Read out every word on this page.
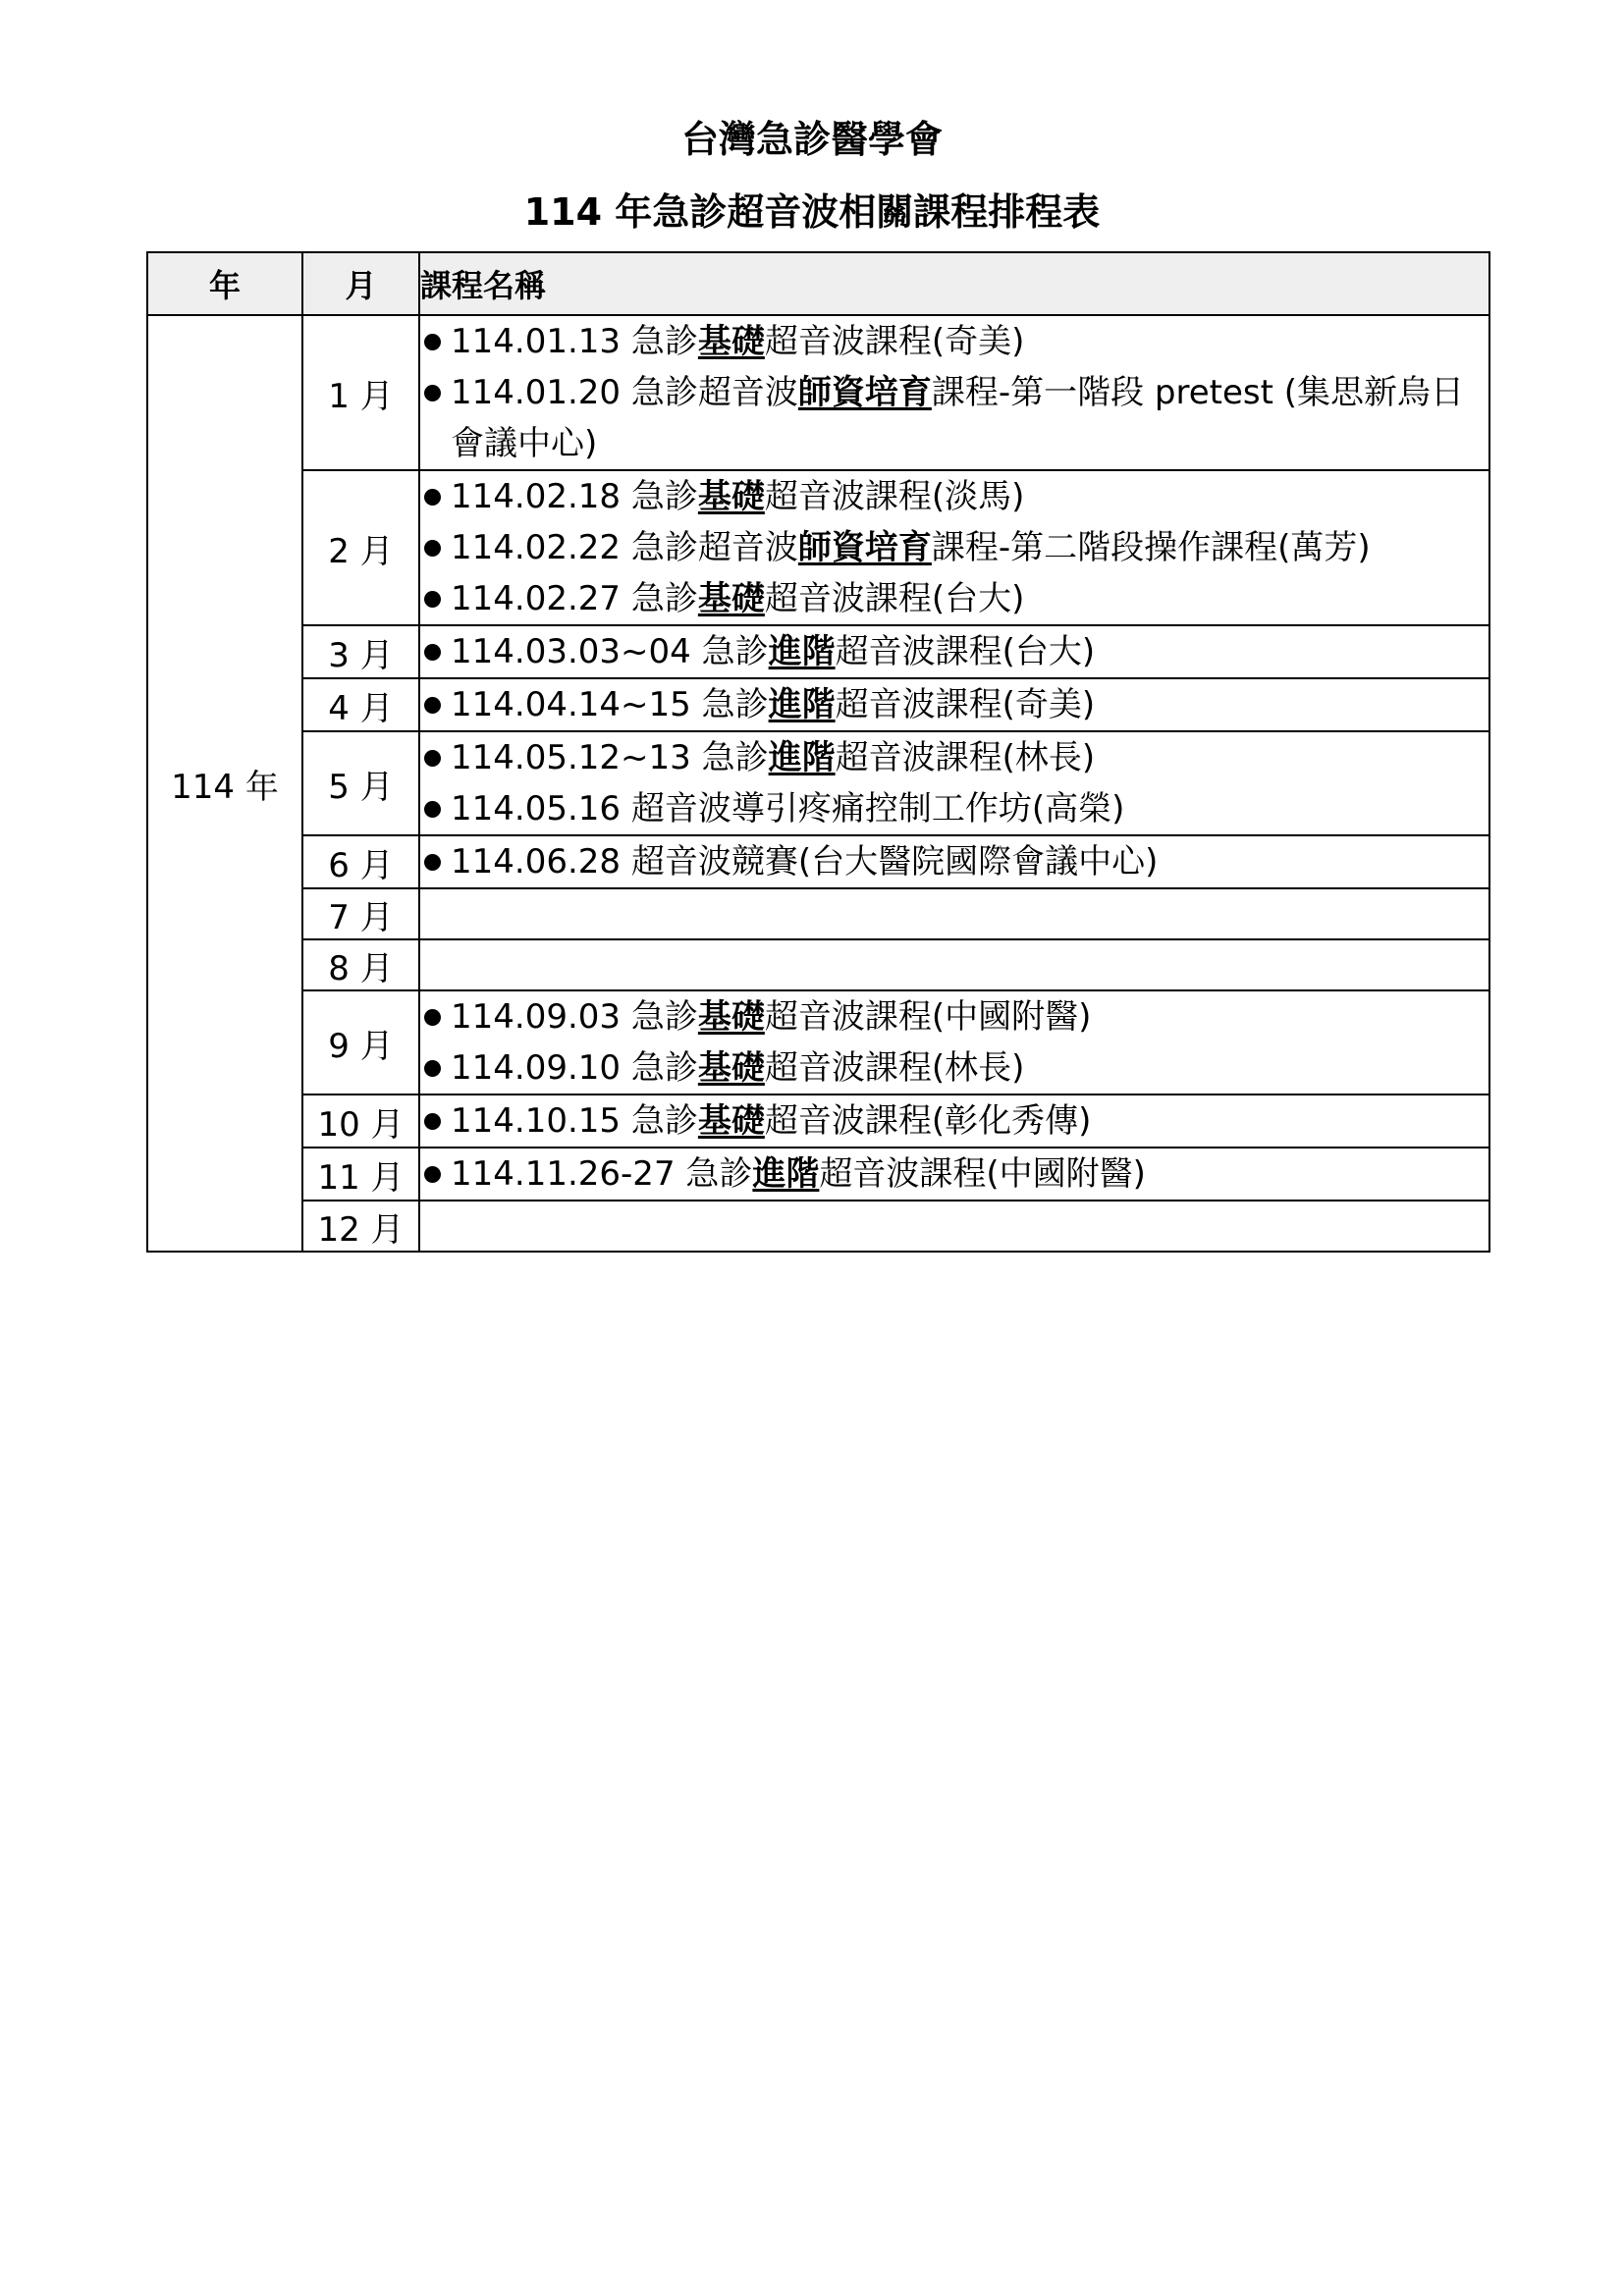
台灣急診醫學會
114 年急診超音波相關課程排程表
年	月	課程名稱
114 年	1 月	114.01.13 急診基礎超音波課程(奇美)
114.01.20 急診超音波師資培育課程-第一階段 pretest (集思新烏日會議中心)

	2 月	114.02.18 急診基礎超音波課程(淡馬)
114.02.22 急診超音波師資培育課程-第二階段操作課程(萬芳)
114.02.27 急診基礎超音波課程(台大)

	3 月	114.03.03~04 急診進階超音波課程(台大)

	4 月	114.04.14~15 急診進階超音波課程(奇美)

	5 月	114.05.12~13 急診進階超音波課程(林長)
114.05.16 超音波導引疼痛控制工作坊(高榮)

	6 月	114.06.28 超音波競賽(台大醫院國際會議中心)

	7 月	

	8 月	

	9 月	114.09.03 急診基礎超音波課程(中國附醫)
114.09.10 急診基礎超音波課程(林長)

	10 月	114.10.15 急診基礎超音波課程(彰化秀傳)

	11 月	114.11.26-27 急診進階超音波課程(中國附醫)

	12 月	
